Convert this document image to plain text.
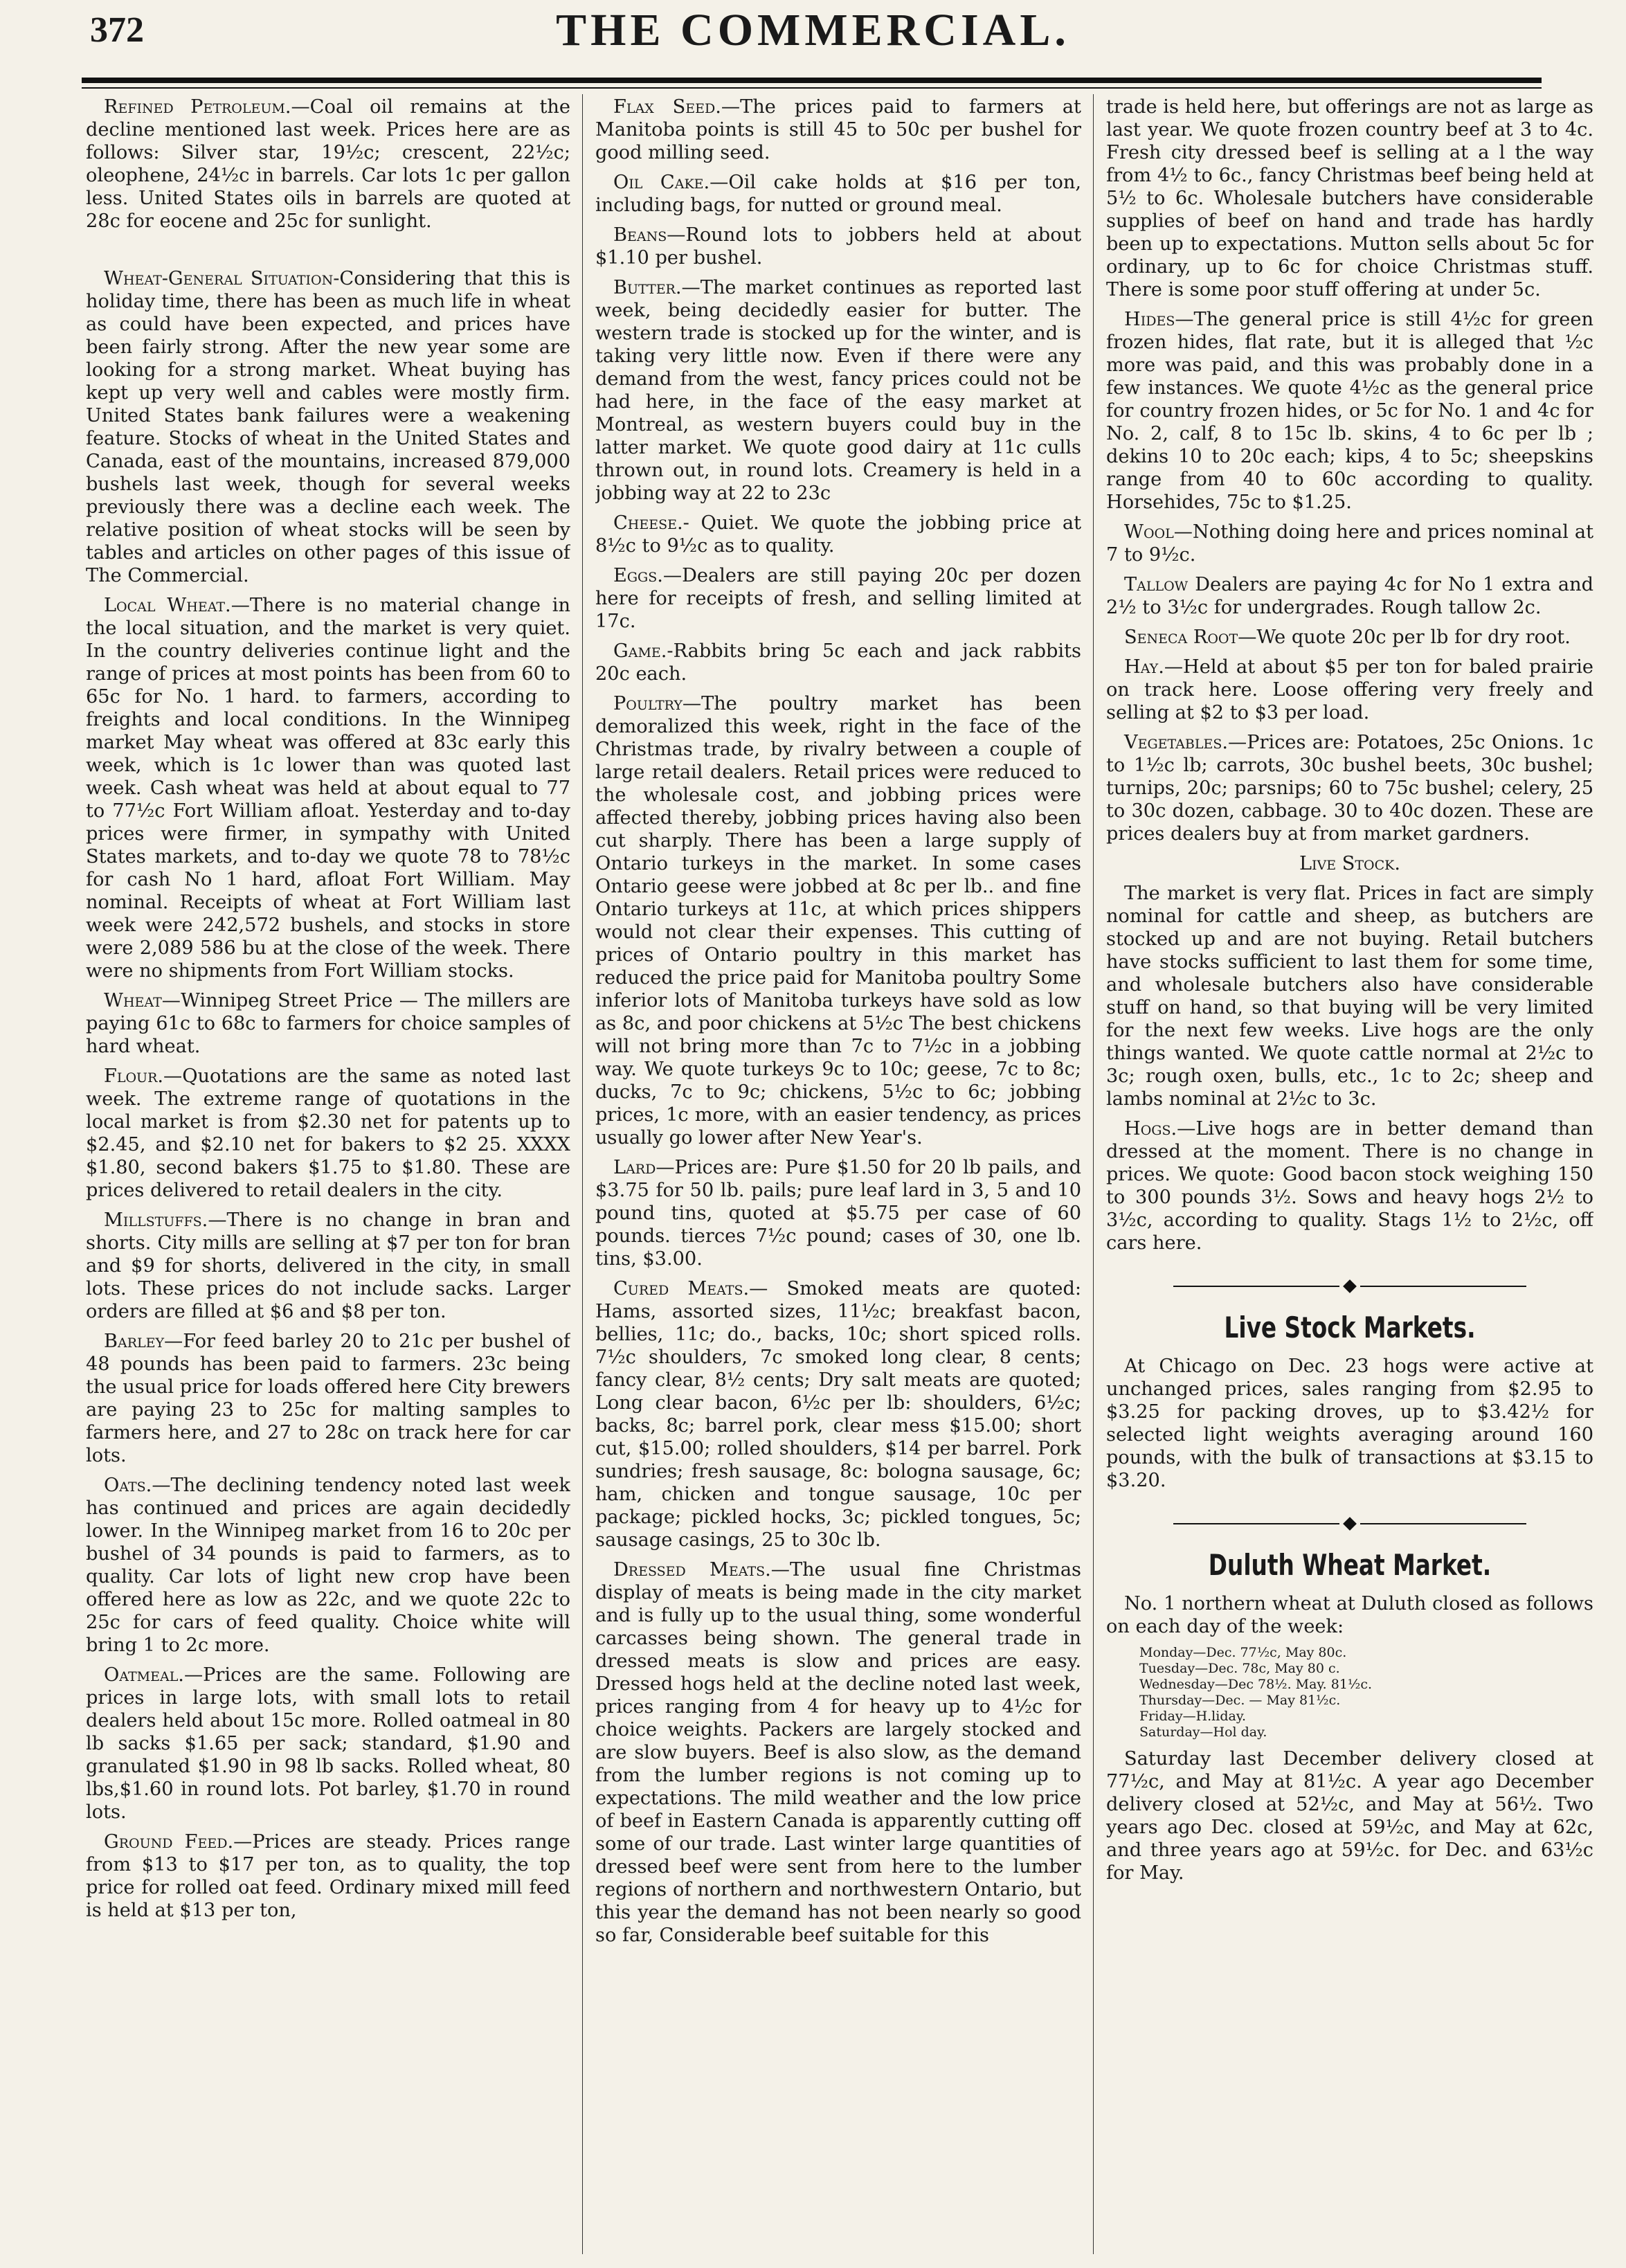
372	THE COMMERCIAL.

Refined Petroleum.—Coal oil remains at the decline mentioned last week. Prices here are as follows: Silver star, 19½c; crescent, 22½c; oleophene, 24½c in barrels. Car lots 1c per gallon less. United States oils in barrels are quoted at 28c for eocene and 25c for sunlight.

Wheat-General Situation-Considering that this is holiday time, there has been as much life in wheat as could have been expected, and prices have been fairly strong. After the new year some are looking for a strong market. Wheat buying has kept up very well and cables were mostly firm. United States bank failures were a weakening feature. Stocks of wheat in the United States and Canada, east of the mountains, increased 879,000 bushels last week, though for several weeks previously there was a decline each week. The relative position of wheat stocks will be seen by tables and articles on other pages of this issue of The Commercial.

Local Wheat.—There is no material change in the local situation, and the market is very quiet. In the country deliveries continue light and the range of prices at most points has been from 60 to 65c for No. 1 hard. to farmers, according to freights and local conditions. In the Winnipeg market May wheat was offered at 83c early this week, which is 1c lower than was quoted last week. Cash wheat was held at about equal to 77 to 77½c Fort William afloat. Yesterday and to-day prices were firmer, in sympathy with United States markets, and to-day we quote 78 to 78½c for cash No 1 hard, afloat Fort William. May nominal. Receipts of wheat at Fort William last week were 242,572 bushels, and stocks in store were 2,089 586 bu at the close of the week. There were no shipments from Fort William stocks.

Wheat—Winnipeg Street Price — The millers are paying 61c to 68c to farmers for choice samples of hard wheat.

Flour.—Quotations are the same as noted last week. The extreme range of quotations in the local market is from $2.30 net for patents up to $2.45, and $2.10 net for bakers to $2 25. XXXX $1.80, second bakers $1.75 to $1.80. These are prices delivered to retail dealers in the city.

Millstuffs.—There is no change in bran and shorts. City mills are selling at $7 per ton for bran and $9 for shorts, delivered in the city, in small lots. These prices do not include sacks. Larger orders are filled at $6 and $8 per ton.

Barley—For feed barley 20 to 21c per bushel of 48 pounds has been paid to farmers. 23c being the usual price for loads offered here City brewers are paying 23 to 25c for malting samples to farmers here, and 27 to 28c on track here for car lots.

Oats.—The declining tendency noted last week has continued and prices are again decidedly lower. In the Winnipeg market from 16 to 20c per bushel of 34 pounds is paid to farmers, as to quality. Car lots of light new crop have been offered here as low as 22c, and we quote 22c to 25c for cars of feed quality. Choice white will bring 1 to 2c more.

Oatmeal.—Prices are the same. Following are prices in large lots, with small lots to retail dealers held about 15c more. Rolled oatmeal in 80 lb sacks $1.65 per sack; standard, $1.90 and granulated $1.90 in 98 lb sacks. Rolled wheat, 80 lbs,$1.60 in round lots. Pot barley, $1.70 in round lots.

Ground Feed.—Prices are steady. Prices range from $13 to $17 per ton, as to quality, the top price for rolled oat feed. Ordinary mixed mill feed is held at $13 per ton,

Flax Seed.—The prices paid to farmers at Manitoba points is still 45 to 50c per bushel for good milling seed.

Oil Cake.—Oil cake holds at $16 per ton, including bags, for nutted or ground meal.

Beans—Round lots to jobbers held at about $1.10 per bushel.

Butter.—The market continues as reported last week, being decidedly easier for butter. The western trade is stocked up for the winter, and is taking very little now. Even if there were any demand from the west, fancy prices could not be had here, in the face of the easy market at Montreal, as western buyers could buy in the latter market. We quote good dairy at 11c culls thrown out, in round lots. Creamery is held in a jobbing way at 22 to 23c

Cheese.- Quiet. We quote the jobbing price at 8½c to 9½c as to quality.

Eggs.—Dealers are still paying 20c per dozen here for receipts of fresh, and selling limited at 17c.

Game.-Rabbits bring 5c each and jack rabbits 20c each.

Poultry—The poultry market has been demoralized this week, right in the face of the Christmas trade, by rivalry between a couple of large retail dealers. Retail prices were reduced to the wholesale cost, and jobbing prices were affected thereby, jobbing prices having also been cut sharply. There has been a large supply of Ontario turkeys in the market. In some cases Ontario geese were jobbed at 8c per lb.. and fine Ontario turkeys at 11c, at which prices shippers would not clear their expenses. This cutting of prices of Ontario poultry in this market has reduced the price paid for Manitoba poultry Some inferior lots of Manitoba turkeys have sold as low as 8c, and poor chickens at 5½c The best chickens will not bring more than 7c to 7½c in a jobbing way. We quote turkeys 9c to 10c; geese, 7c to 8c; ducks, 7c to 9c; chickens, 5½c to 6c; jobbing prices, 1c more, with an easier tendency, as prices usually go lower after New Year's.

Lard—Prices are: Pure $1.50 for 20 lb pails, and $3.75 for 50 lb. pails; pure leaf lard in 3, 5 and 10 pound tins, quoted at $5.75 per case of 60 pounds. tierces 7½c pound; cases of 30, one lb. tins, $3.00.

Cured Meats.— Smoked meats are quoted: Hams, assorted sizes, 11½c; breakfast bacon, bellies, 11c; do., backs, 10c; short spiced rolls. 7½c shoulders, 7c smoked long clear, 8 cents; fancy clear, 8½ cents; Dry salt meats are quoted; Long clear bacon, 6½c per lb: shoulders, 6½c; backs, 8c; barrel pork, clear mess $15.00; short cut, $15.00; rolled shoulders, $14 per barrel. Pork sundries; fresh sausage, 8c: bologna sausage, 6c; ham, chicken and tongue sausage, 10c per package; pickled hocks, 3c; pickled tongues, 5c; sausage casings, 25 to 30c lb.

Dressed Meats.—The usual fine Christmas display of meats is being made in the city market and is fully up to the usual thing, some wonderful carcasses being shown. The general trade in dressed meats is slow and prices are easy. Dressed hogs held at the decline noted last week, prices ranging from 4 for heavy up to 4½c for choice weights. Packers are largely stocked and are slow buyers. Beef is also slow, as the demand from the lumber regions is not coming up to expectations. The mild weather and the low price of beef in Eastern Canada is apparently cutting off some of our trade. Last winter large quantities of dressed beef were sent from here to the lumber regions of northern and northwestern Ontario, but this year the demand has not been nearly so good so far, Considerable beef suitable for this

trade is held here, but offerings are not as large as last year. We quote frozen country beef at 3 to 4c. Fresh city dressed beef is selling at a l the way from 4½ to 6c., fancy Christmas beef being held at 5½ to 6c. Wholesale butchers have considerable supplies of beef on hand and trade has hardly been up to expectations. Mutton sells about 5c for ordinary, up to 6c for choice Christmas stuff. There is some poor stuff offering at under 5c.

Hides—The general price is still 4½c for green frozen hides, flat rate, but it is alleged that ½c more was paid, and this was probably done in a few instances. We quote 4½c as the general price for country frozen hides, or 5c for No. 1 and 4c for No. 2, calf, 8 to 15c lb. skins, 4 to 6c per lb ; dekins 10 to 20c each; kips, 4 to 5c; sheepskins range from 40 to 60c according to quality. Horsehides, 75c to $1.25.

Wool—Nothing doing here and prices nominal at 7 to 9½c.

Tallow Dealers are paying 4c for No 1 extra and 2½ to 3½c for undergrades. Rough tallow 2c.

Seneca Root—We quote 20c per lb for dry root.

Hay.—Held at about $5 per ton for baled prairie on track here. Loose offering very freely and selling at $2 to $3 per load.

Vegetables.—Prices are: Potatoes, 25c Onions. 1c to 1½c lb; carrots, 30c bushel beets, 30c bushel; turnips, 20c; parsnips; 60 to 75c bushel; celery, 25 to 30c dozen, cabbage. 30 to 40c dozen. These are prices dealers buy at from market gardners.

Live Stock.

The market is very flat. Prices in fact are simply nominal for cattle and sheep, as butchers are stocked up and are not buying. Retail butchers have stocks sufficient to last them for some time, and wholesale butchers also have considerable stuff on hand, so that buying will be very limited for the next few weeks. Live hogs are the only things wanted. We quote cattle normal at 2½c to 3c; rough oxen, bulls, etc., 1c to 2c; sheep and lambs nominal at 2½c to 3c.

Hogs.—Live hogs are in better demand than dressed at the moment. There is no change in prices. We quote: Good bacon stock weighing 150 to 300 pounds 3½. Sows and heavy hogs 2½ to 3½c, according to quality. Stags 1½ to 2½c, off cars here.

Live Stock Markets.

At Chicago on Dec. 23 hogs were active at unchanged prices, sales ranging from $2.95 to $3.25 for packing droves, up to $3.42½ for selected light weights averaging around 160 pounds, with the bulk of transactions at $3.15 to $3.20.

Duluth Wheat Market.

No. 1 northern wheat at Duluth closed as follows on each day of the week:

Monday—Dec. 77½c, May 80c.
Tuesday—Dec. 78c, May 80 c.
Wednesday—Dec 78½. May. 81½c.
Thursday—Dec. — May 81½c.
Friday—H.liday.
Saturday—Hol day.

Saturday last December delivery closed at 77½c, and May at 81½c. A year ago December delivery closed at 52½c, and May at 56½. Two years ago Dec. closed at 59½c, and May at 62c, and three years ago at 59½c. for Dec. and 63½c for May.
